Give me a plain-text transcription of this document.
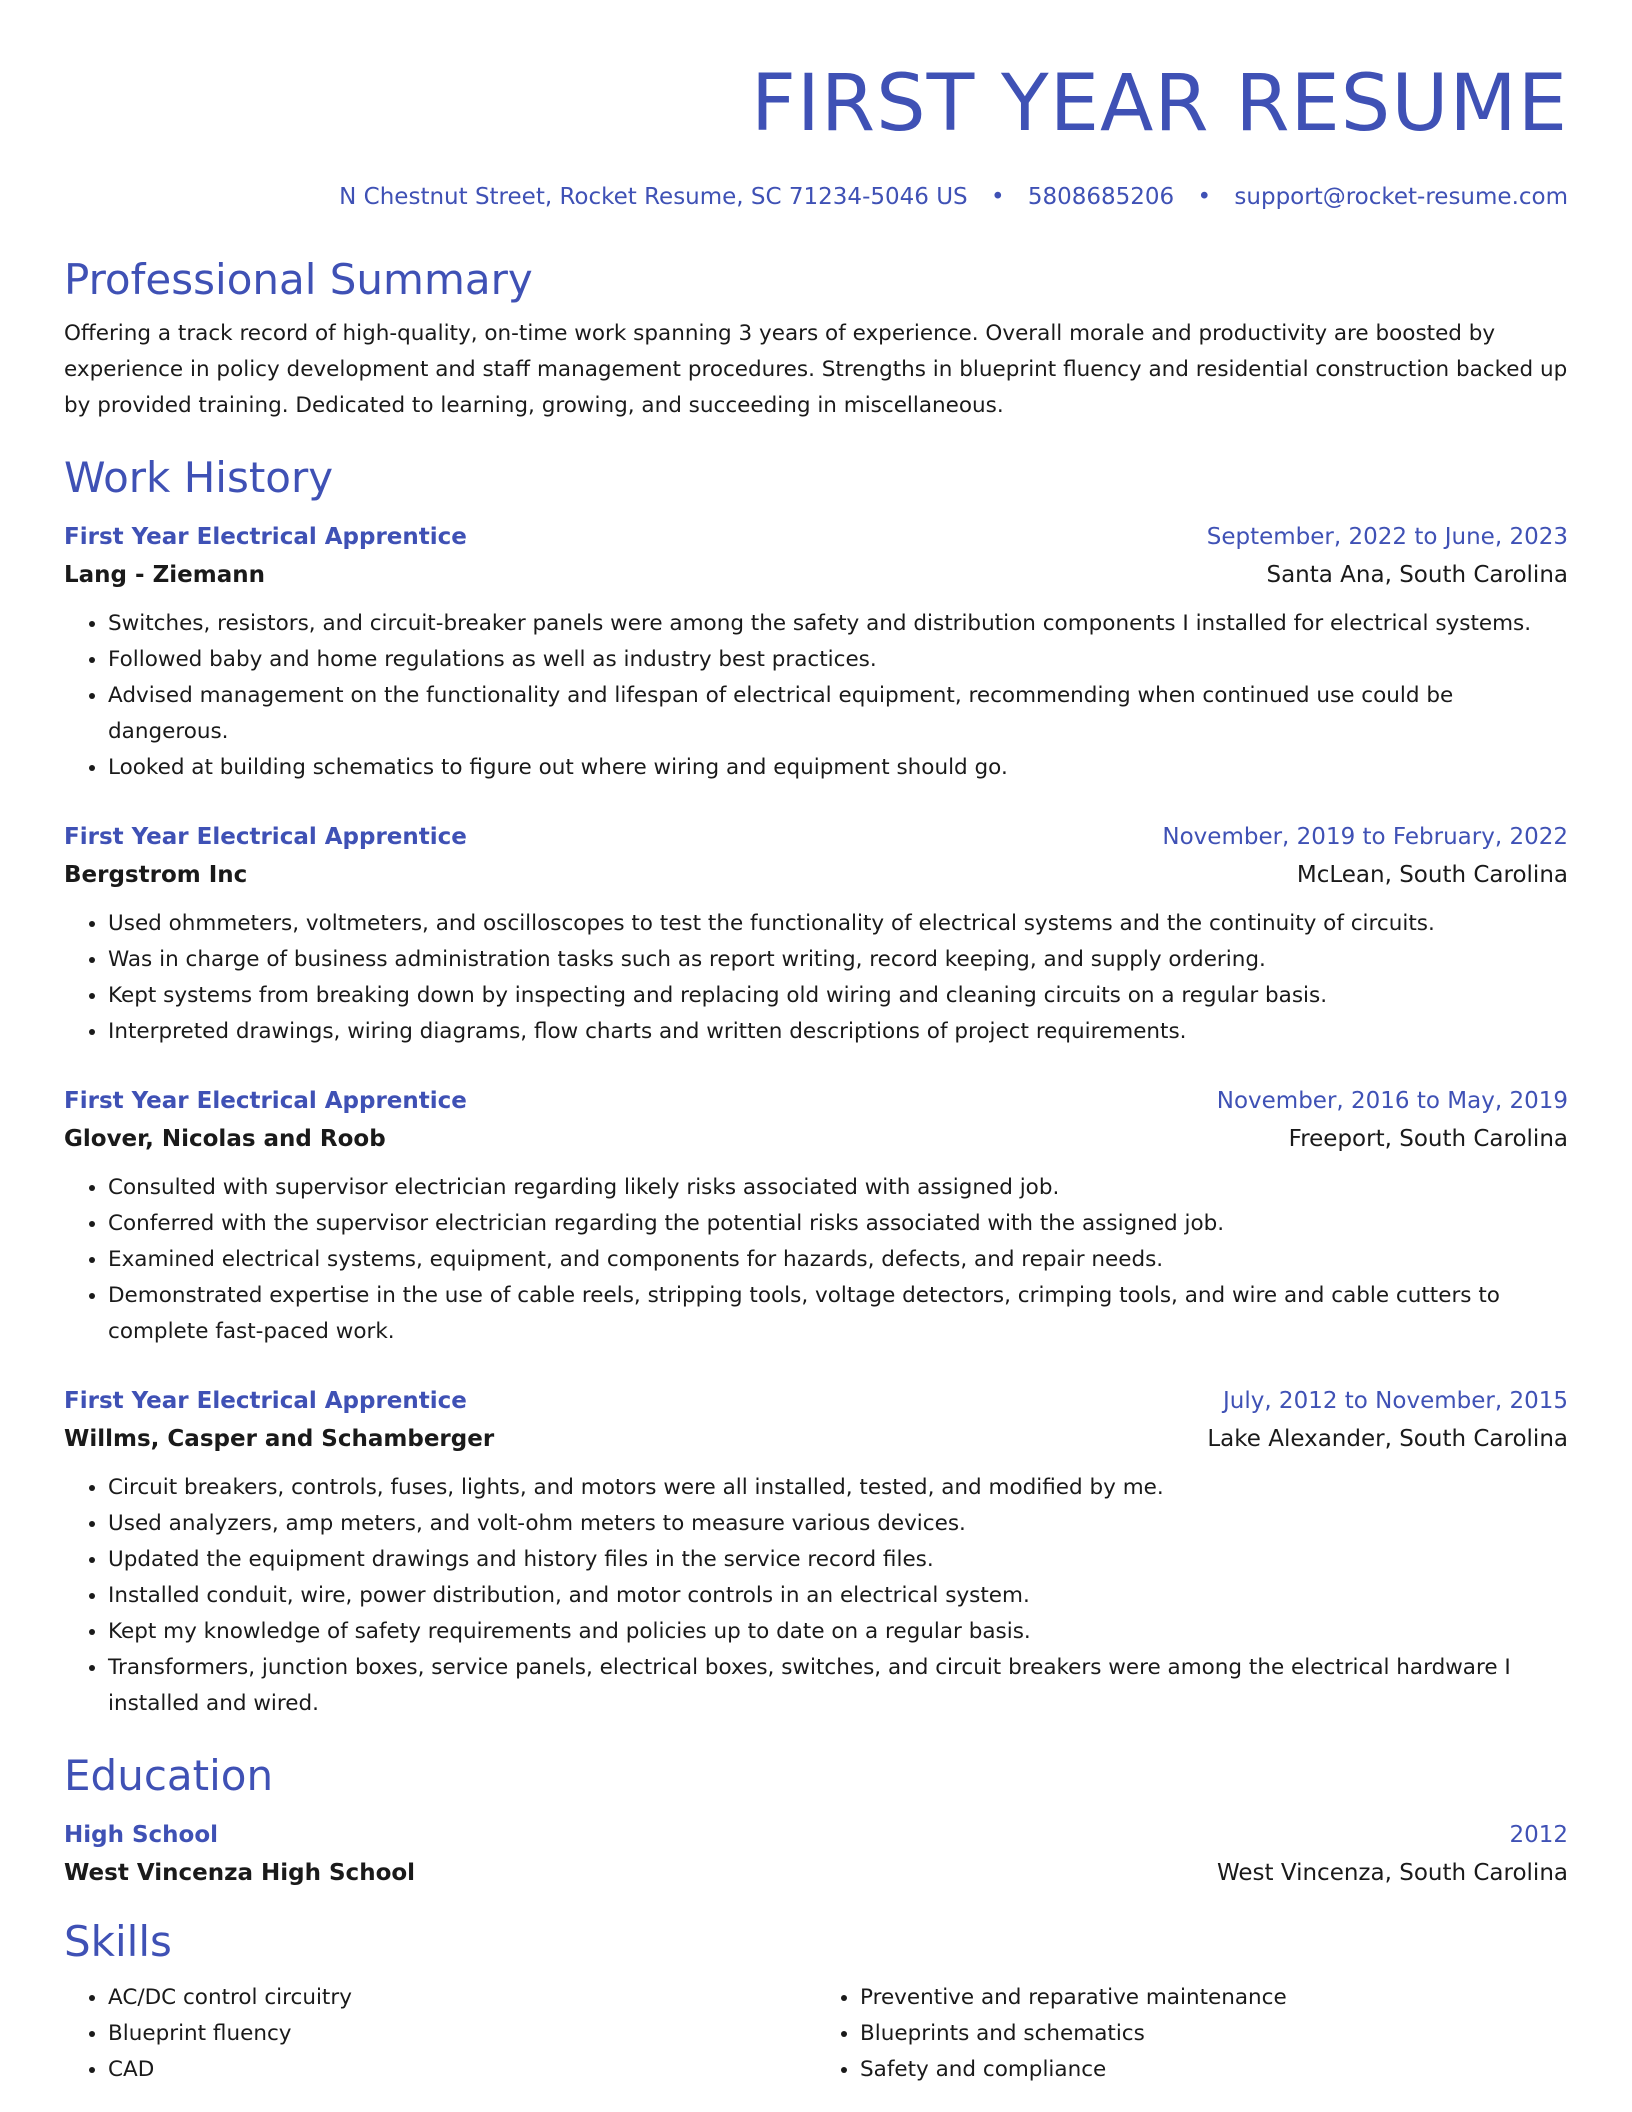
FIRST YEAR RESUME
N Chestnut Street, Rocket Resume, SC 71234-5046 US • 5808685206 • support@rocket-resume.com
Professional Summary
Offering a track record of high-quality, on-time work spanning 3 years of experience. Overall morale and productivity are boosted by experience in policy development and staff management procedures. Strengths in blueprint fluency and residential construction backed up by provided training. Dedicated to learning, growing, and succeeding in miscellaneous.
Work History
First Year Electrical Apprentice	September, 2022 to June, 2023
Lang - Ziemann	Santa Ana, South Carolina
• Switches, resistors, and circuit-breaker panels were among the safety and distribution components I installed for electrical systems.
• Followed baby and home regulations as well as industry best practices.
• Advised management on the functionality and lifespan of electrical equipment, recommending when continued use could be dangerous.
• Looked at building schematics to figure out where wiring and equipment should go.
First Year Electrical Apprentice	November, 2019 to February, 2022
Bergstrom Inc	McLean, South Carolina
• Used ohmmeters, voltmeters, and oscilloscopes to test the functionality of electrical systems and the continuity of circuits.
• Was in charge of business administration tasks such as report writing, record keeping, and supply ordering.
• Kept systems from breaking down by inspecting and replacing old wiring and cleaning circuits on a regular basis.
• Interpreted drawings, wiring diagrams, flow charts and written descriptions of project requirements.
First Year Electrical Apprentice	November, 2016 to May, 2019
Glover, Nicolas and Roob	Freeport, South Carolina
• Consulted with supervisor electrician regarding likely risks associated with assigned job.
• Conferred with the supervisor electrician regarding the potential risks associated with the assigned job.
• Examined electrical systems, equipment, and components for hazards, defects, and repair needs.
• Demonstrated expertise in the use of cable reels, stripping tools, voltage detectors, crimping tools, and wire and cable cutters to complete fast-paced work.
First Year Electrical Apprentice	July, 2012 to November, 2015
Willms, Casper and Schamberger	Lake Alexander, South Carolina
• Circuit breakers, controls, fuses, lights, and motors were all installed, tested, and modified by me.
• Used analyzers, amp meters, and volt-ohm meters to measure various devices.
• Updated the equipment drawings and history files in the service record files.
• Installed conduit, wire, power distribution, and motor controls in an electrical system.
• Kept my knowledge of safety requirements and policies up to date on a regular basis.
• Transformers, junction boxes, service panels, electrical boxes, switches, and circuit breakers were among the electrical hardware I installed and wired.
Education
High School	2012
West Vincenza High School	West Vincenza, South Carolina
Skills
• AC/DC control circuitry
• Blueprint fluency
• CAD
• Preventive and reparative maintenance
• Blueprints and schematics
• Safety and compliance
